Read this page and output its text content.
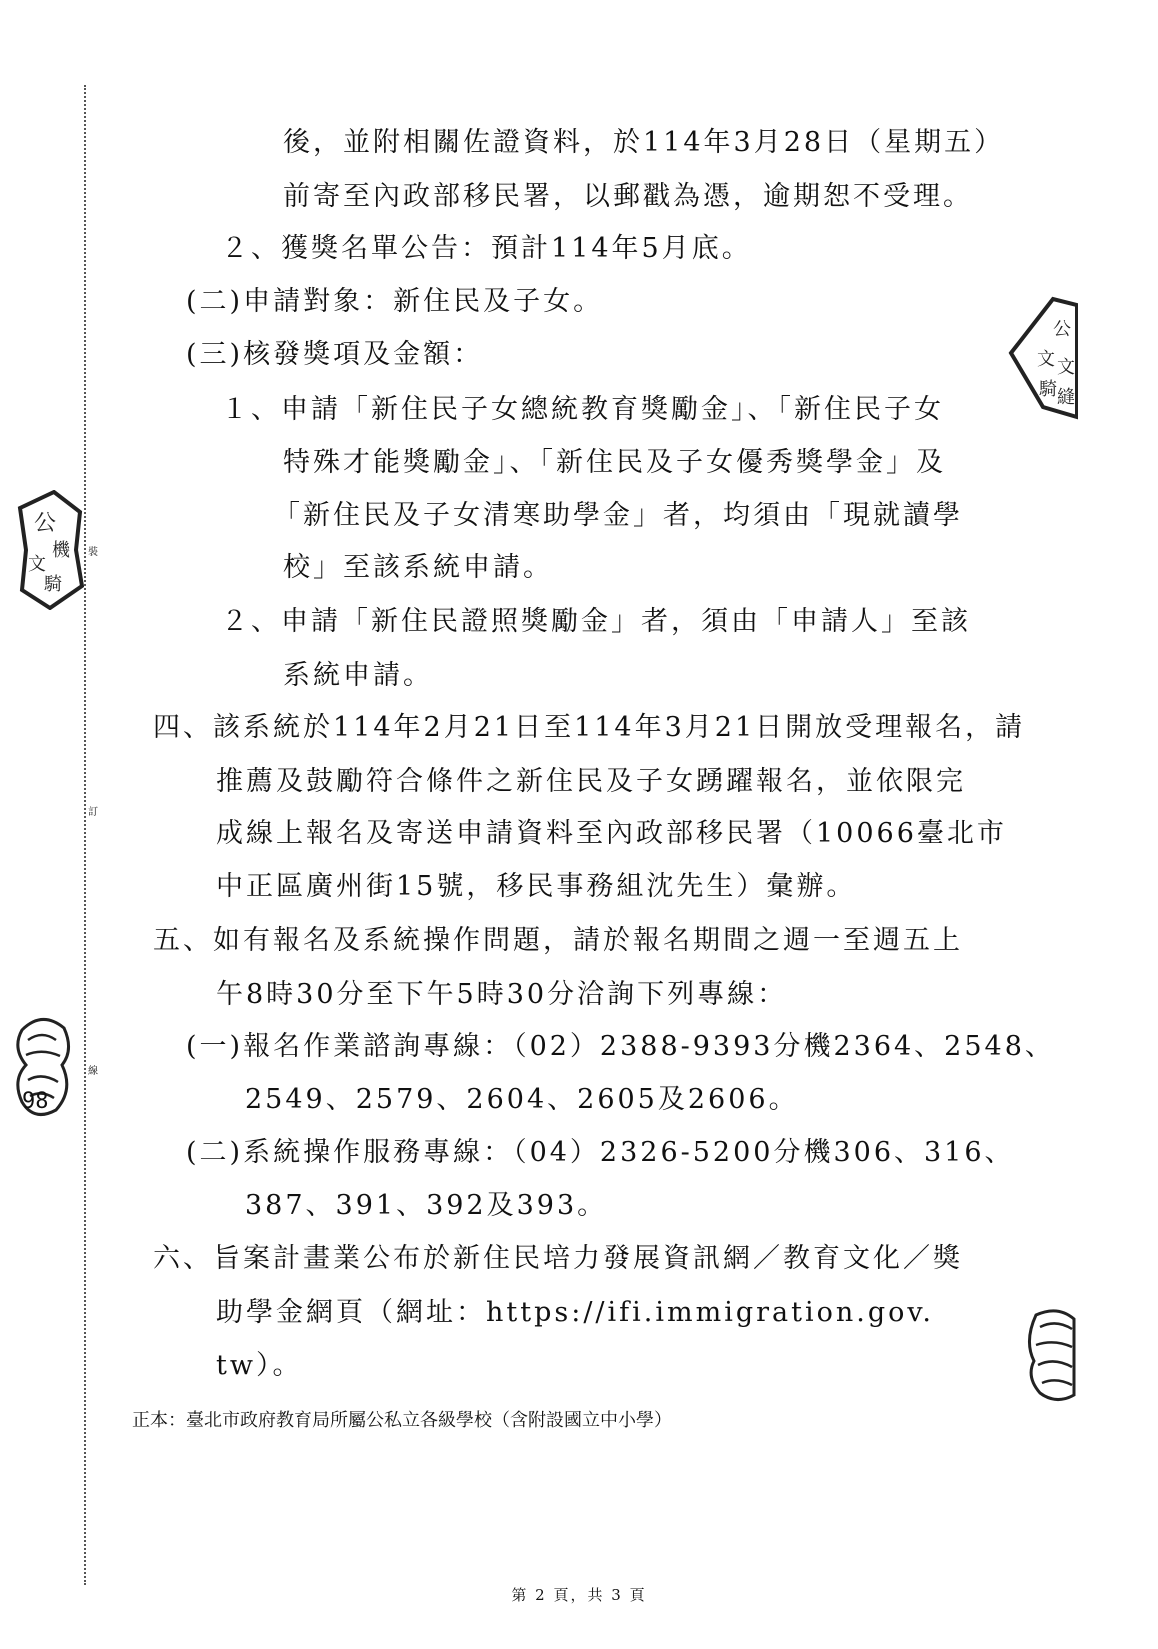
裝
訂
線
公
機
文
騎
公
文 文
騎 縫
98
後，並附相關佐證資料，於114年3月28日（星期五）
前寄至內政部移民署，以郵戳為憑，逾期恕不受理。
２、獲獎名單公告：預計114年5月底。
(二)申請對象：新住民及子女。
(三)核發獎項及金額：
１、申請「新住民子女總統教育獎勵金」、「新住民子女
特殊才能獎勵金」、「新住民及子女優秀獎學金」及
「新住民及子女清寒助學金」者，均須由「現就讀學
校」至該系統申請。
２、申請「新住民證照獎勵金」者，須由「申請人」至該
系統申請。
四、該系統於114年2月21日至114年3月21日開放受理報名，請
推薦及鼓勵符合條件之新住民及子女踴躍報名，並依限完
成線上報名及寄送申請資料至內政部移民署（10066臺北市
中正區廣州街15號，移民事務組沈先生）彙辦。
五、如有報名及系統操作問題，請於報名期間之週一至週五上
午8時30分至下午5時30分洽詢下列專線：
(一)報名作業諮詢專線：（02）2388-9393分機2364、2548、
2549、2579、2604、2605及2606。
(二)系統操作服務專線：（04）2326-5200分機306、316、
387、391、392及393。
六、旨案計畫業公布於新住民培力發展資訊網／教育文化／獎
助學金網頁（網址：https://ifi.immigration.gov.
tw）。
正本：臺北市政府教育局所屬公私立各級學校（含附設國立中小學）
第 2 頁，共 3 頁
